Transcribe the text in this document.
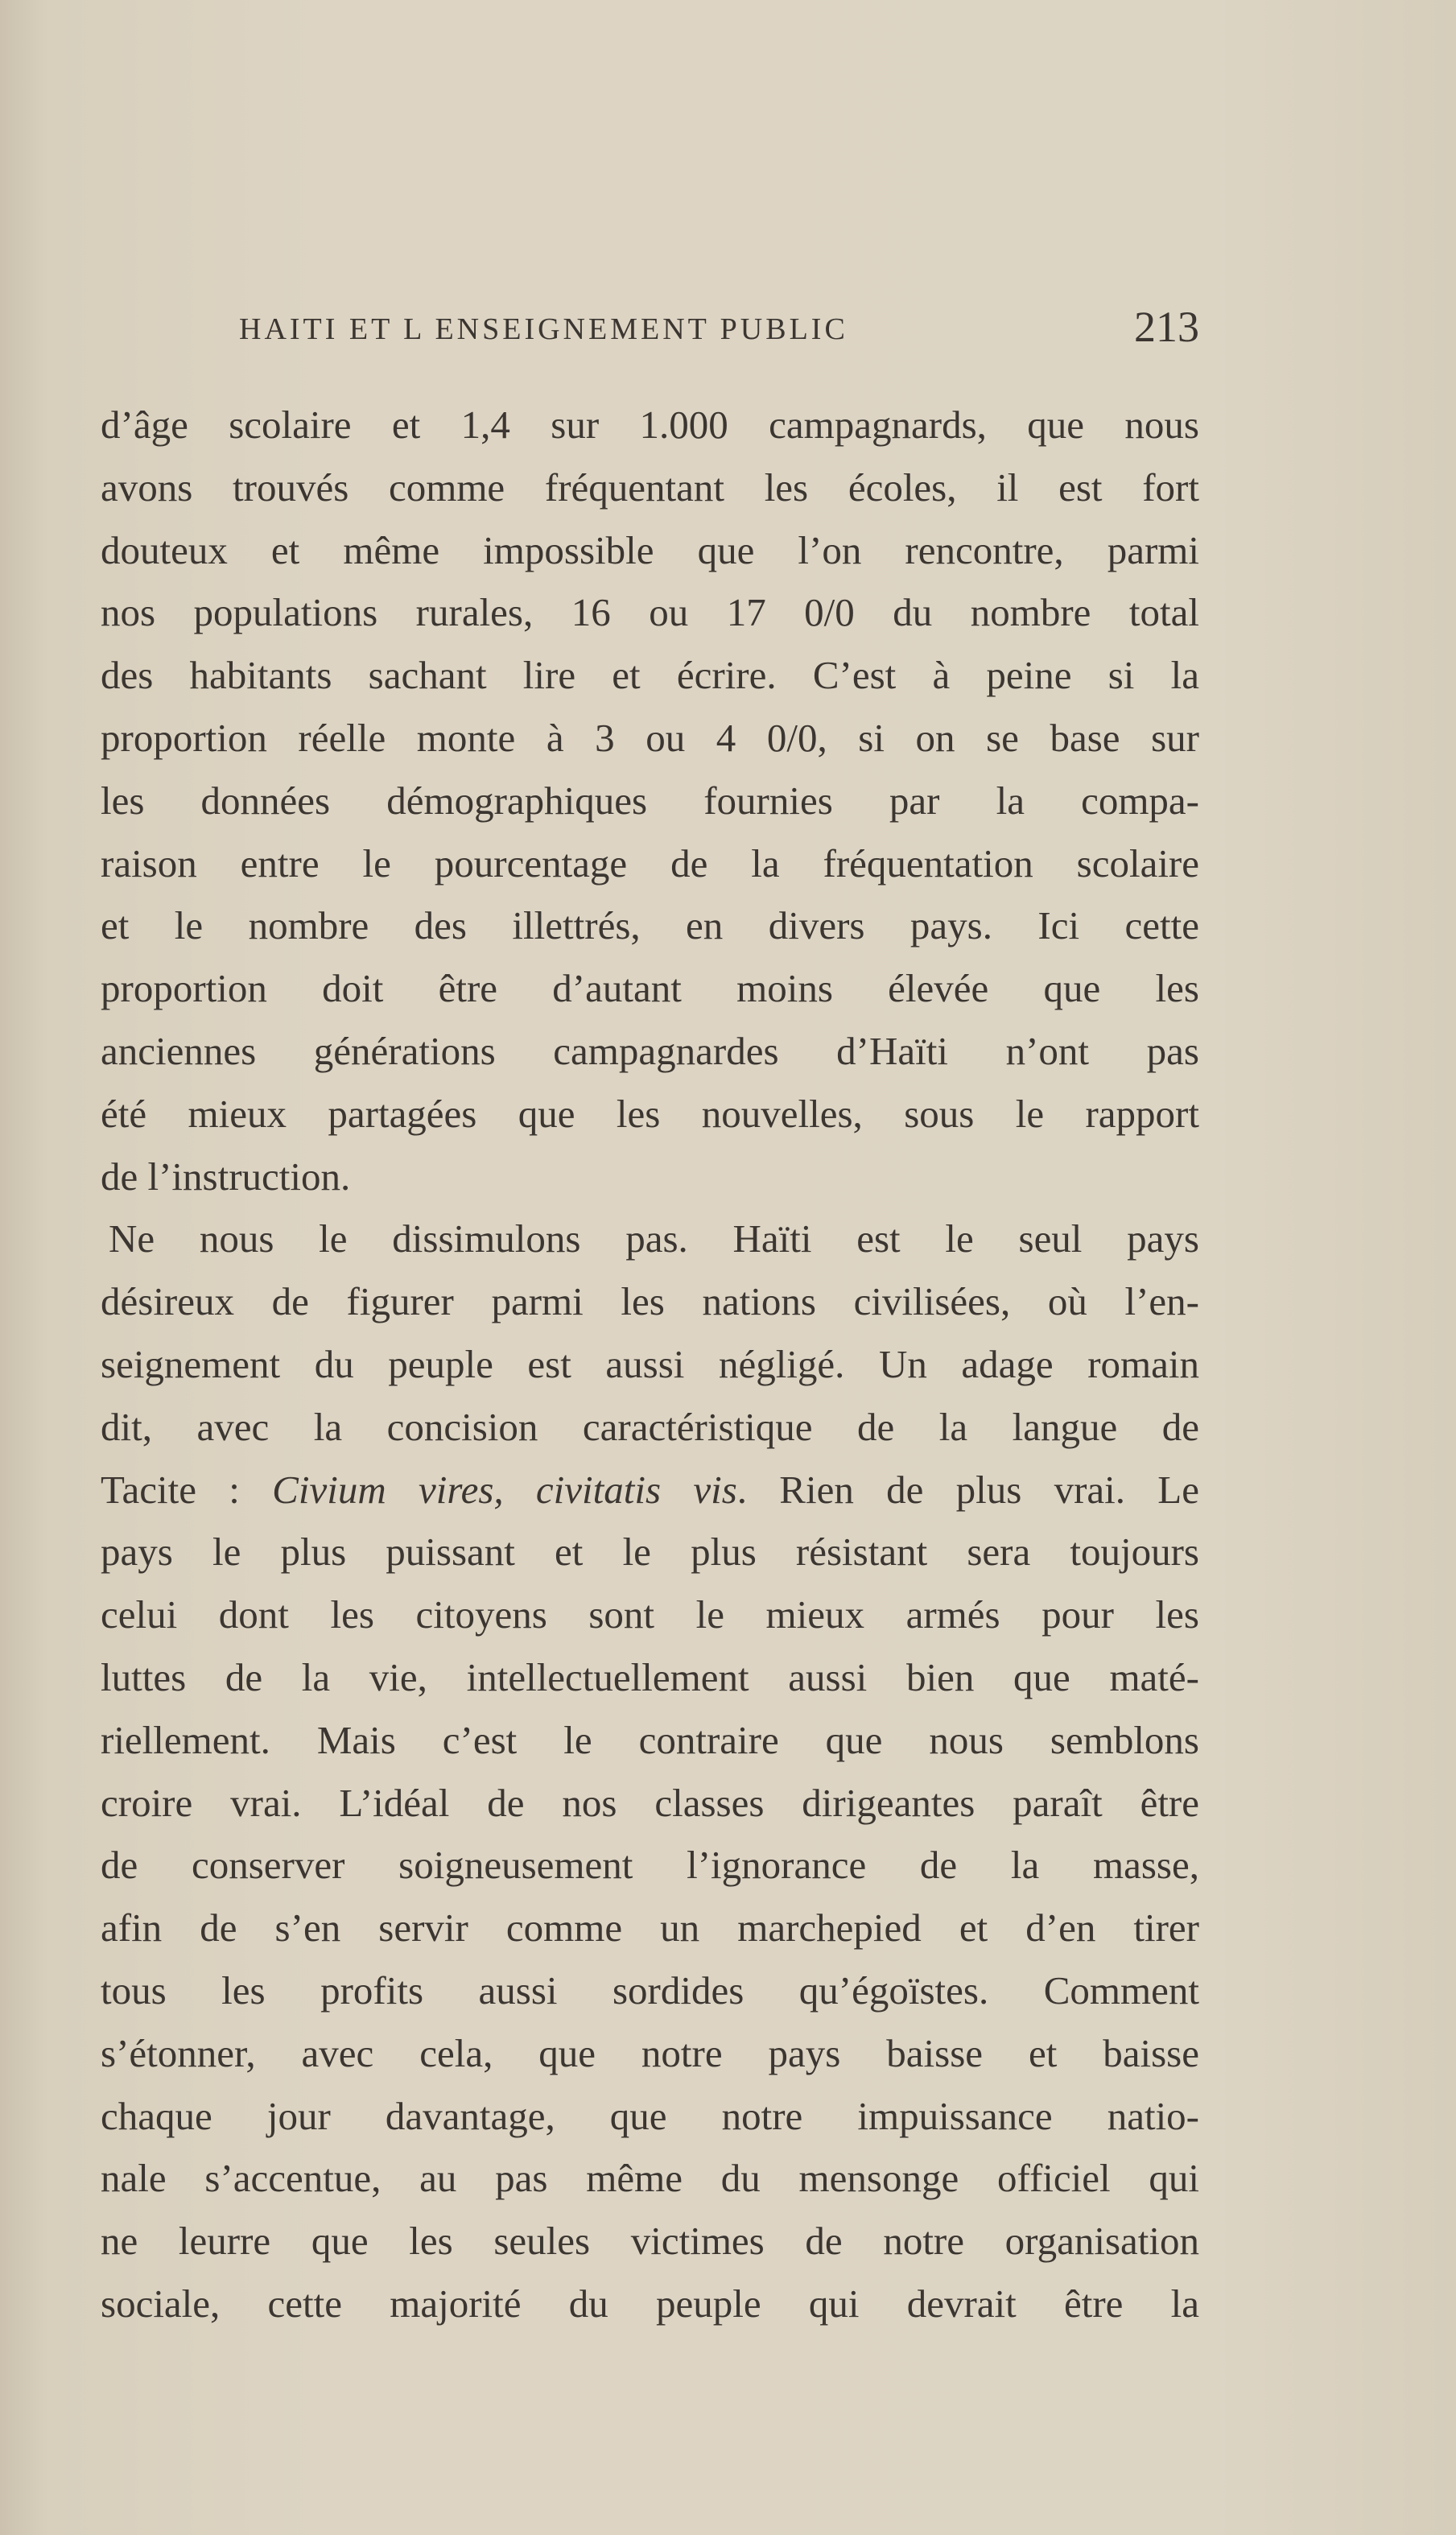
HAITI ET L ENSEIGNEMENT PUBLIC	213
d’âge scolaire et 1,4 sur 1.000 campagnards, que nous
avons trouvés comme fréquentant les écoles, il est fort
douteux et même impossible que l’on rencontre, parmi
nos populations rurales, 16 ou 17 0/0 du nombre total
des habitants sachant lire et écrire. C’est à peine si la
proportion réelle monte à 3 ou 4 0/0, si on se base sur
les données démographiques fournies par la compa-
raison entre le pourcentage de la fréquentation scolaire
et le nombre des illettrés, en divers pays. Ici cette
proportion doit être d’autant moins élevée que les
anciennes générations campagnardes d’Haïti n’ont pas
été mieux partagées que les nouvelles, sous le rapport
de l’instruction.
Ne nous le dissimulons pas. Haïti est le seul pays
désireux de figurer parmi les nations civilisées, où l’en-
seignement du peuple est aussi négligé. Un adage romain
dit, avec la concision caractéristique de la langue de
Tacite : Civium vires, civitatis vis. Rien de plus vrai. Le
pays le plus puissant et le plus résistant sera toujours
celui dont les citoyens sont le mieux armés pour les
luttes de la vie, intellectuellement aussi bien que maté-
riellement. Mais c’est le contraire que nous semblons
croire vrai. L’idéal de nos classes dirigeantes paraît être
de conserver soigneusement l’ignorance de la masse,
afin de s’en servir comme un marchepied et d’en tirer
tous les profits aussi sordides qu’égoïstes. Comment
s’étonner, avec cela, que notre pays baisse et baisse
chaque jour davantage, que notre impuissance natio-
nale s’accentue, au pas même du mensonge officiel qui
ne leurre que les seules victimes de notre organisation
sociale, cette majorité du peuple qui devrait être la
